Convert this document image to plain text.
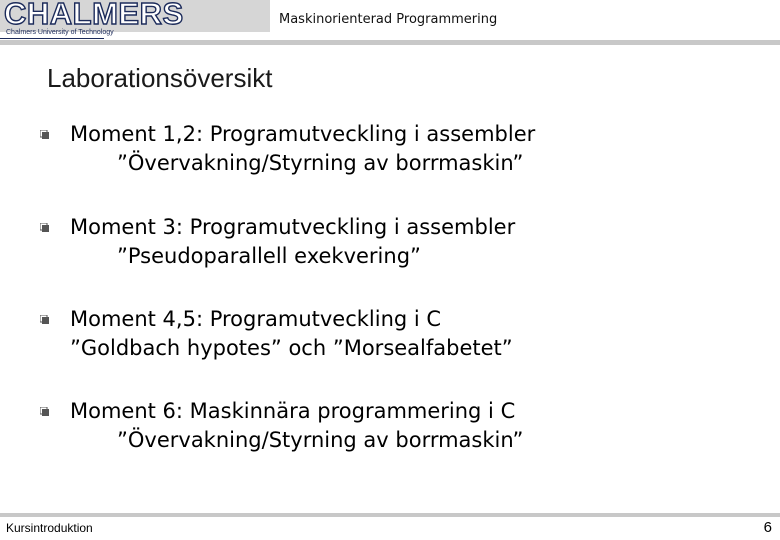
CHALMERS
Chalmers University of Technology
Maskinorienterad Programmering
Laborationsöversikt
Moment 1,2: Programutveckling i assembler
”Övervakning/Styrning av borrmaskin”
Moment 3: Programutveckling i assembler
”Pseudoparallell exekvering”
Moment 4,5: Programutveckling i C
”Goldbach hypotes” och ”Morsealfabetet”
Moment 6: Maskinnära programmering i C
”Övervakning/Styrning av borrmaskin”
Kursintroduktion	6
